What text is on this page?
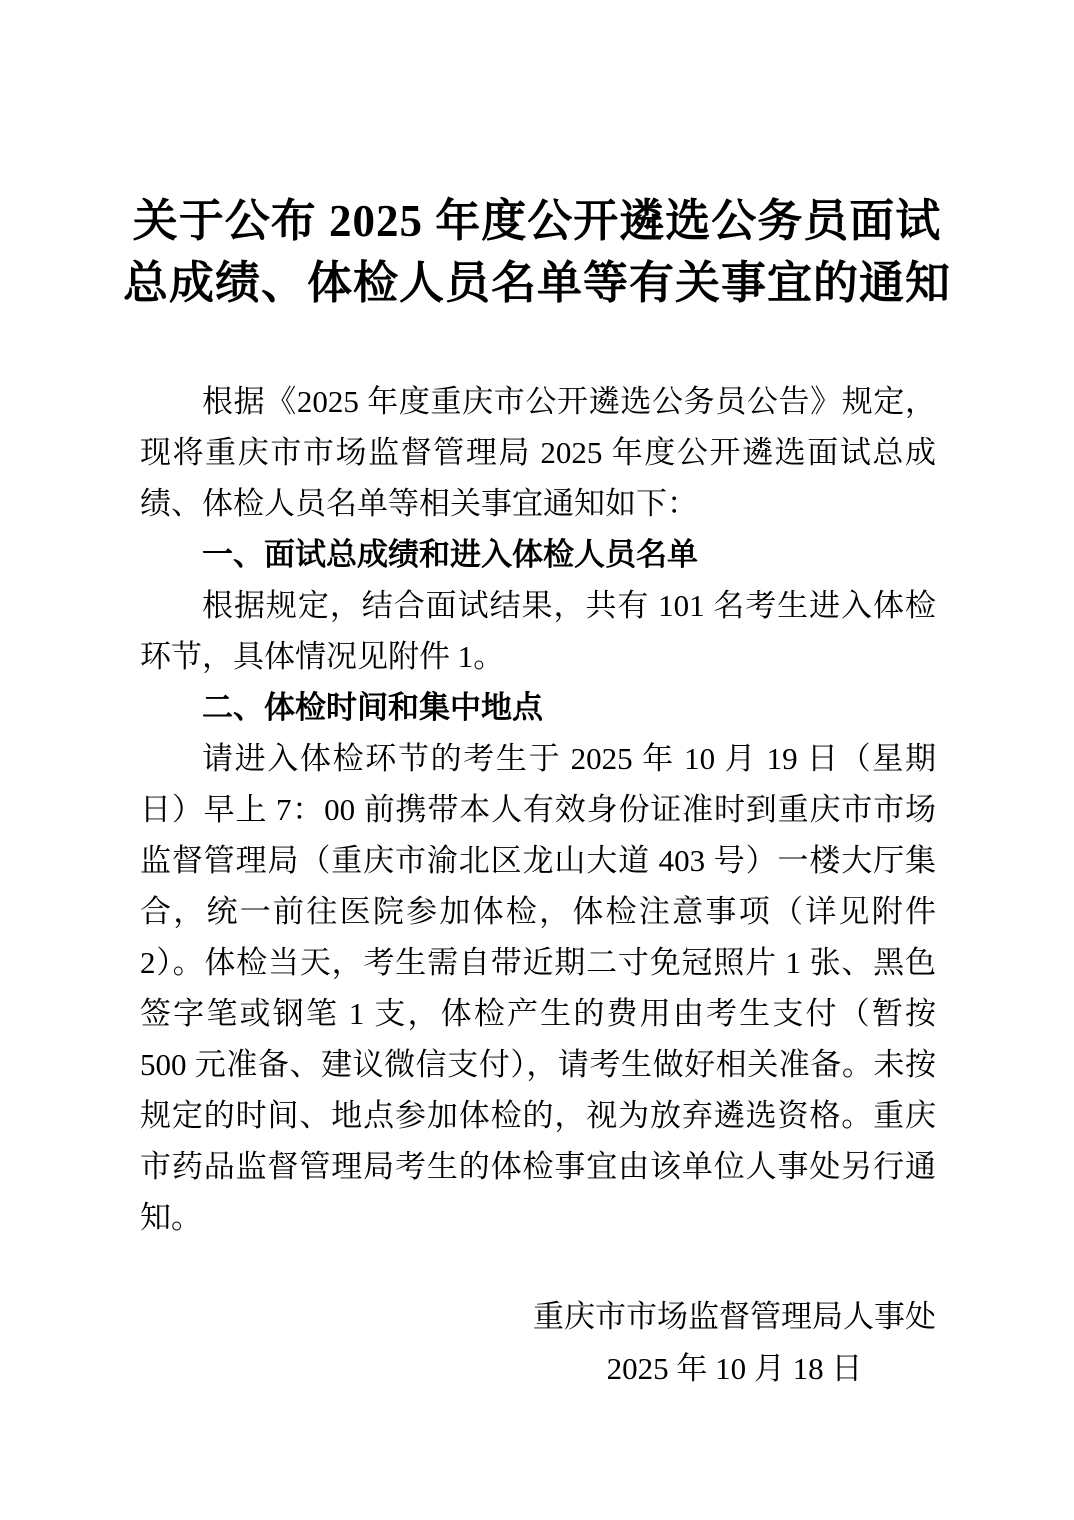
关于公布 2025 年度公开遴选公务员面试
总成绩、体检人员名单等有关事宜的通知

根据《2025 年度重庆市公开遴选公务员公告》规定，现将重庆市市场监督管理局 2025 年度公开遴选面试总成绩、体检人员名单等相关事宜通知如下：

一、面试总成绩和进入体检人员名单

根据规定，结合面试结果，共有 101 名考生进入体检环节，具体情况见附件 1。

二、体检时间和集中地点

请进入体检环节的考生于 2025 年 10 月 19 日（星期日）早上 7：00 前携带本人有效身份证准时到重庆市市场监督管理局（重庆市渝北区龙山大道 403 号）一楼大厅集合，统一前往医院参加体检，体检注意事项（详见附件 2）。体检当天，考生需自带近期二寸免冠照片 1 张、黑色签字笔或钢笔 1 支，体检产生的费用由考生支付（暂按 500 元准备、建议微信支付），请考生做好相关准备。未按规定的时间、地点参加体检的，视为放弃遴选资格。重庆市药品监督管理局考生的体检事宜由该单位人事处另行通知。

重庆市市场监督管理局人事处
2025 年 10 月 18 日
